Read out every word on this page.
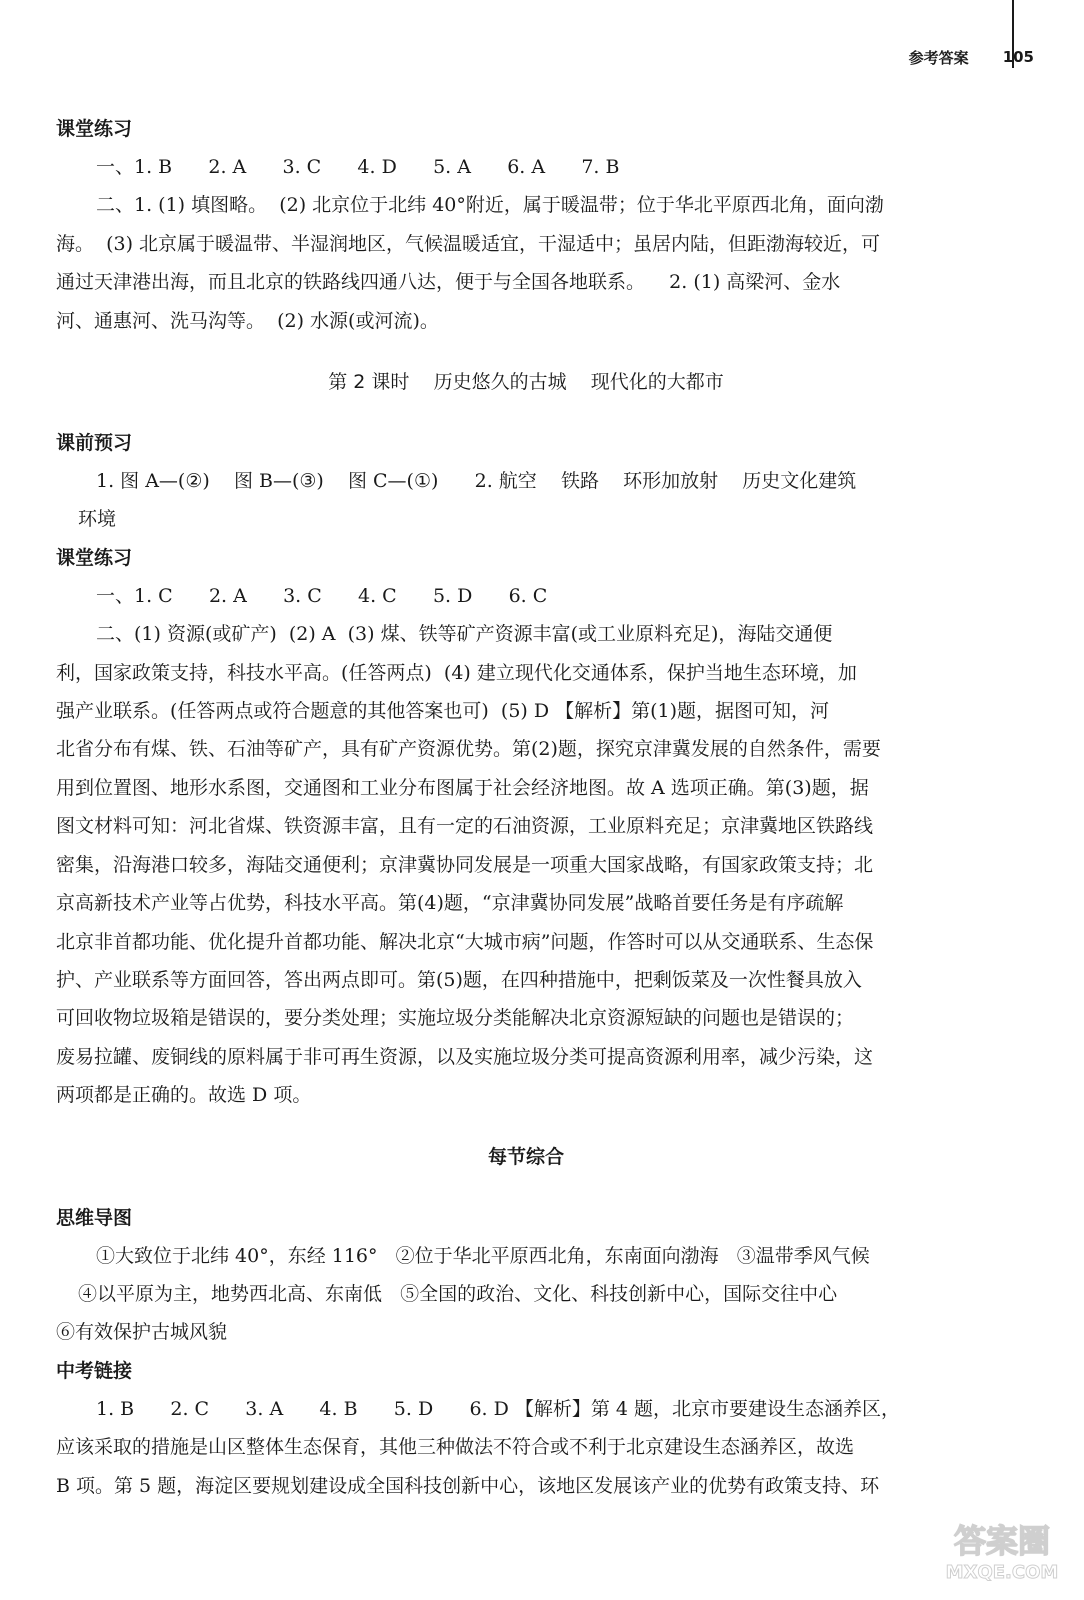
参考答案 105

课堂练习

一、1. B      2. A      3. C      4. D      5. A      6. A      7. B

二、1. (1) 填图略。  (2) 北京位于北纬 40°附近，属于暖温带；位于华北平原西北角，面向渤

海。  (3) 北京属于暖温带、半湿润地区，气候温暖适宜，干湿适中；虽居内陆，但距渤海较近，可

通过天津港出海，而且北京的铁路线四通八达，便于与全国各地联系。    2. (1) 高梁河、金水

河、通惠河、洗马沟等。  (2) 水源(或河流)。

第 2 课时    历史悠久的古城    现代化的大都市

课前预习

1. 图 A—(②)    图 B—(③)    图 C—(①)      2. 航空    铁路    环形加放射    历史文化建筑

环境

课堂练习

一、1. C      2. A      3. C      4. C      5. D      6. C

二、(1) 资源(或矿产)  (2) A  (3) 煤、铁等矿产资源丰富(或工业原料充足)，海陆交通便

利，国家政策支持，科技水平高。(任答两点)  (4) 建立现代化交通体系，保护当地生态环境，加

强产业联系。(任答两点或符合题意的其他答案也可)  (5) D 【解析】第(1)题，据图可知，河

北省分布有煤、铁、石油等矿产，具有矿产资源优势。第(2)题，探究京津冀发展的自然条件，需要

用到位置图、地形水系图，交通图和工业分布图属于社会经济地图。故 A 选项正确。第(3)题，据

图文材料可知：河北省煤、铁资源丰富，且有一定的石油资源，工业原料充足；京津冀地区铁路线

密集，沿海港口较多，海陆交通便利；京津冀协同发展是一项重大国家战略，有国家政策支持；北

京高新技术产业等占优势，科技水平高。第(4)题，“京津冀协同发展”战略首要任务是有序疏解

北京非首都功能、优化提升首都功能、解决北京“大城市病”问题，作答时可以从交通联系、生态保

护、产业联系等方面回答，答出两点即可。第(5)题，在四种措施中，把剩饭菜及一次性餐具放入

可回收物垃圾箱是错误的，要分类处理；实施垃圾分类能解决北京资源短缺的问题也是错误的；

废易拉罐、废铜线的原料属于非可再生资源，以及实施垃圾分类可提高资源利用率，减少污染，这

两项都是正确的。故选 D 项。

每节综合

思维导图

①大致位于北纬 40°，东经 116°   ②位于华北平原西北角，东南面向渤海   ③温带季风气候

④以平原为主，地势西北高、东南低   ⑤全国的政治、文化、科技创新中心，国际交往中心

⑥有效保护古城风貌

中考链接

1. B      2. C      3. A      4. B      5. D      6. D 【解析】第 4 题，北京市要建设生态涵养区，

应该采取的措施是山区整体生态保育，其他三种做法不符合或不利于北京建设生态涵养区，故选

B 项。第 5 题，海淀区要规划建设成全国科技创新中心，该地区发展该产业的优势有政策支持、环

答案圈
MXQE.COM
